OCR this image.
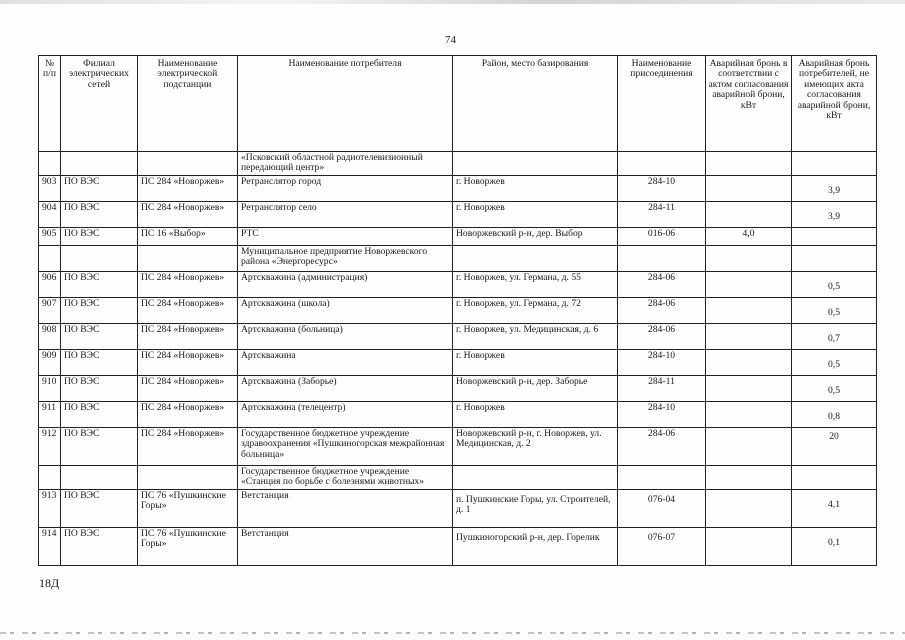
74
№ п/п	Филиал электрических сетей	Наименование электрической подстанции	Наименование потребителя	Район, место базирования	Наименование присоединения	Аварийная бронь в соответствии с актом согласования аварийной брони, кВт	Аварийная бронь потребителей, не имеющих акта согласования аварийной брони, кВт
			«Псковский областной радиотелевизионный передающий центр»				
903	ПО ВЭС	ПС 284 «Новоржев»	Ретранслятор город	г. Новоржев	284-10		3,9
904	ПО ВЭС	ПС 284 «Новоржев»	Ретранслятор село	г. Новоржев	284-11		3,9
905	ПО ВЭС	ПС 16 «Выбор»	РТС	Новоржевский р-н, дер. Выбор	016-06	4,0	
			Муниципальное предприятие Новоржевского района «Энергоресурс»				
906	ПО ВЭС	ПС 284 «Новоржев»	Артскважина (администрация)	г. Новоржев, ул. Германа, д. 55	284-06		0,5
907	ПО ВЭС	ПС 284 «Новоржев»	Артскважина (школа)	г. Новоржев, ул. Германа, д. 72	284-06		0,5
908	ПО ВЭС	ПС 284 «Новоржев»	Артскважина (больница)	г. Новоржев, ул. Медицинская, д. 6	284-06		0,7
909	ПО ВЭС	ПС 284 «Новоржев»	Артскважина	г. Новоржев	284-10		0,5
910	ПО ВЭС	ПС 284 «Новоржев»	Артскважина (Заборье)	Новоржевский р-н, дер. Заборье	284-11		0,5
911	ПО ВЭС	ПС 284 «Новоржев»	Артскважина (телецентр)	г. Новоржев	284-10		0,8
912	ПО ВЭС	ПС 284 «Новоржев»	Государственное бюджетное учреждение здравоохранения «Пушкиногорская межрайонная больница»	Новоржевский р-н, г. Новоржев, ул. Медицинская, д. 2	284-06		20
			Государственное бюджетное учреждение «Станция по борьбе с болезнями животных»				
913	ПО ВЭС	ПС 76 «Пушкинские Горы»	Ветстанция	п. Пушкинские Горы, ул. Строителей, д. 1	076-04		4,1
914	ПО ВЭС	ПС 76 «Пушкинские Горы»	Ветстанция	Пушкиногорский р-н, дер. Горелик	076-07		0,1
18Д
